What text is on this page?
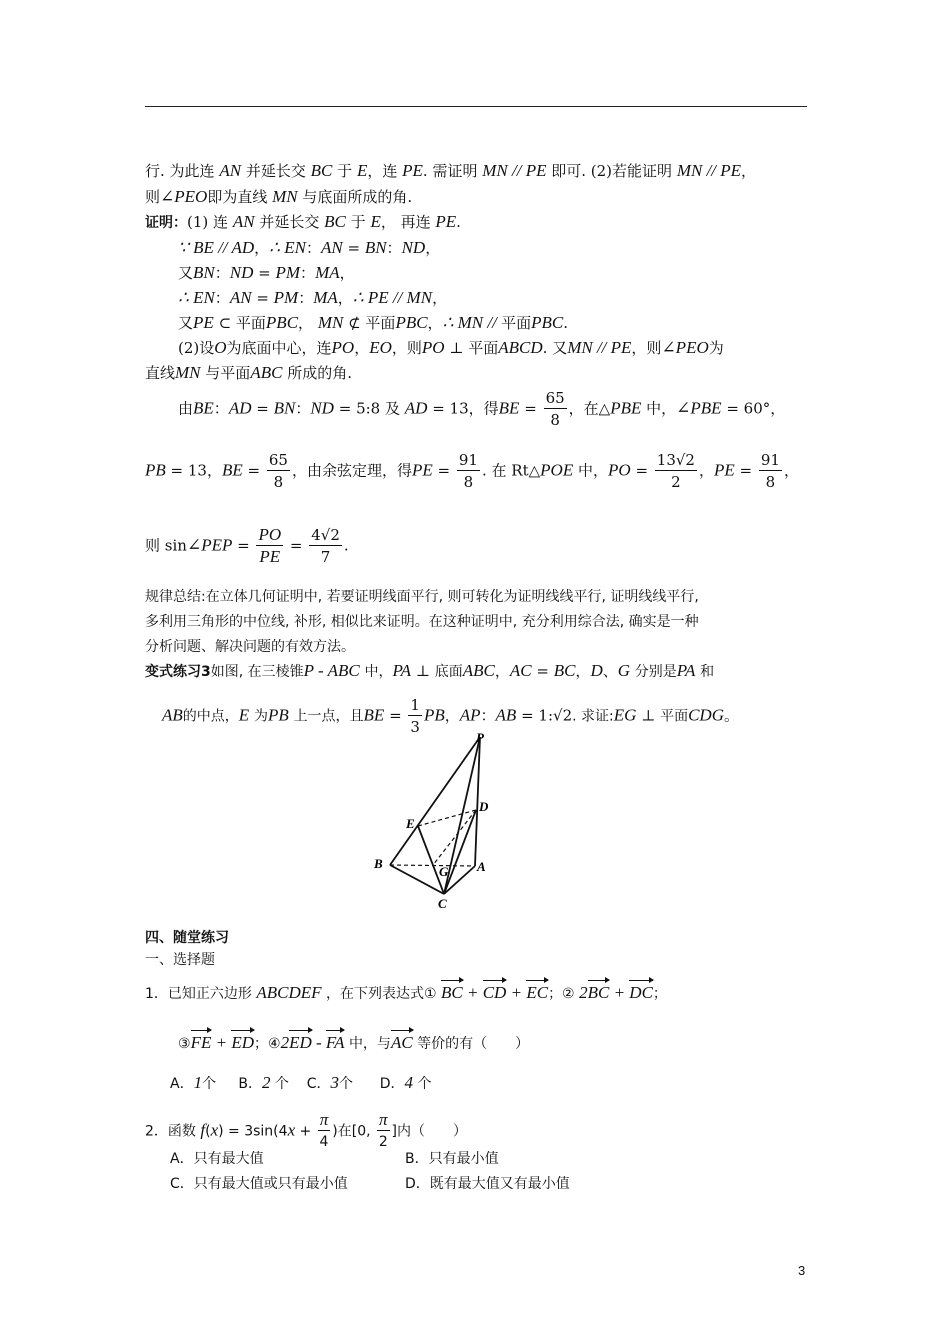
行. 为此连 AN 并延长交 BC 于 E，连 PE. 需证明 MN // PE 即可. (2)若能证明 MN // PE，
则∠PEO即为直线 MN 与底面所成的角.
证明：(1) 连 AN 并延长交 BC 于 E， 再连 PE.
∵ BE // AD，∴ EN：AN = BN：ND，
又BN：ND = PM：MA，
∴ EN：AN = PM：MA，∴ PE // MN，
又PE ⊂ 平面PBC， MN ⊄ 平面PBC，∴ MN // 平面PBC.
(2)设O为底面中心，连PO，EO，则PO ⊥ 平面ABCD. 又MN // PE，则∠PEO为
直线MN 与平面ABC 所成的角.
由BE：AD = BN：ND = 5:8 及 AD = 13，得BE = $\frac{65}{8}$ ，在△PBE 中，∠PBE = 60°，
PB = 13，BE = $\frac{65}{8}$ ，由余弦定理，得PE = $\frac{91}{8}$ . 在 Rt△POE 中，PO = $\frac{13√2}{2}$ ，PE = $\frac{91}{8}$ ，
则 sin∠PEP = $\frac{PO}{PE} = \frac{4√2}{7}$ .
规律总结:在立体几何证明中, 若要证明线面平行, 则可转化为证明线线平行, 证明线线平行,
多利用三角形的中位线, 补形, 相似比来证明。在这种证明中, 充分利用综合法, 确实是一种
分析问题、解决问题的有效方法。
变式练习3如图, 在三棱锥P - ABC 中，PA ⊥ 底面ABC，AC = BC，D、G 分别是PA 和
AB的中点，E 为PB 上一点，且BE = $\frac{1}{3}$ PB，AP：AB = 1:√2. 求证:EG ⊥ 平面CDG。
P
D
E
B
G A
C
四、随堂练习
一、选择题
1．已知正六边形 ABCDEF ，在下列表达式① BC + CD + EC；② 2BC + DC；
③FE + ED；④2ED - FA 中，与AC 等价的有（　　）
A．1个 B．2 个 C．3个 D．4 个
2．函数 $f(x) = 3\sin(4x + \frac{\pi}{4}$ )在[0, $\frac{\pi}{2}$ ]内（　　）
A．只有最大值	B．只有最小值
C．只有最大值或只有最小值	D．既有最大值又有最小值
3
